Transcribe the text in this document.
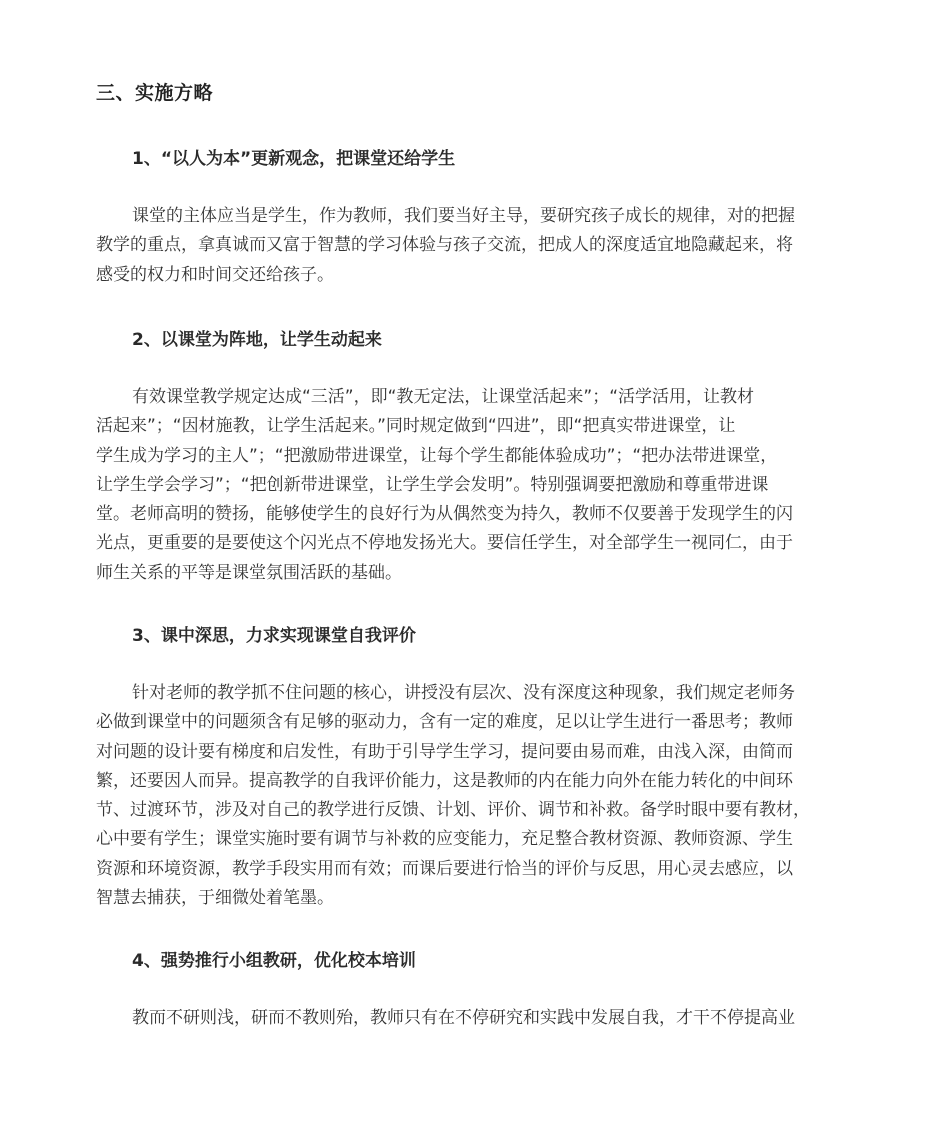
三、实施方略
1、“以人为本”更新观念，把课堂还给学生
课堂的主体应当是学生，作为教师，我们要当好主导，要研究孩子成长的规律，对的把握
教学的重点，拿真诚而又富于智慧的学习体验与孩子交流，把成人的深度适宜地隐藏起来，将
感受的权力和时间交还给孩子。
2、以课堂为阵地，让学生动起来
有效课堂教学规定达成“三活”，即“教无定法，让课堂活起来”；“活学活用，让教材
活起来”；“因材施教，让学生活起来。”同时规定做到“四进”，即“把真实带进课堂，让
学生成为学习的主人”；“把激励带进课堂，让每个学生都能体验成功”；“把办法带进课堂，
让学生学会学习”；“把创新带进课堂，让学生学会发明”。特别强调要把激励和尊重带进课
堂。老师高明的赞扬，能够使学生的良好行为从偶然变为持久，教师不仅要善于发现学生的闪
光点，更重要的是要使这个闪光点不停地发扬光大。要信任学生，对全部学生一视同仁，由于
师生关系的平等是课堂氛围活跃的基础。
3、课中深思，力求实现课堂自我评价
针对老师的教学抓不住问题的核心，讲授没有层次、没有深度这种现象，我们规定老师务
必做到课堂中的问题须含有足够的驱动力，含有一定的难度，足以让学生进行一番思考；教师
对问题的设计要有梯度和启发性，有助于引导学生学习，提问要由易而难，由浅入深，由简而
繁，还要因人而异。提高教学的自我评价能力，这是教师的内在能力向外在能力转化的中间环
节、过渡环节，涉及对自己的教学进行反馈、计划、评价、调节和补救。备学时眼中要有教材，
心中要有学生；课堂实施时要有调节与补救的应变能力，充足整合教材资源、教师资源、学生
资源和环境资源，教学手段实用而有效；而课后要进行恰当的评价与反思，用心灵去感应，以
智慧去捕获，于细微处着笔墨。
4、强势推行小组教研，优化校本培训
教而不研则浅，研而不教则殆，教师只有在不停研究和实践中发展自我，才干不停提高业
